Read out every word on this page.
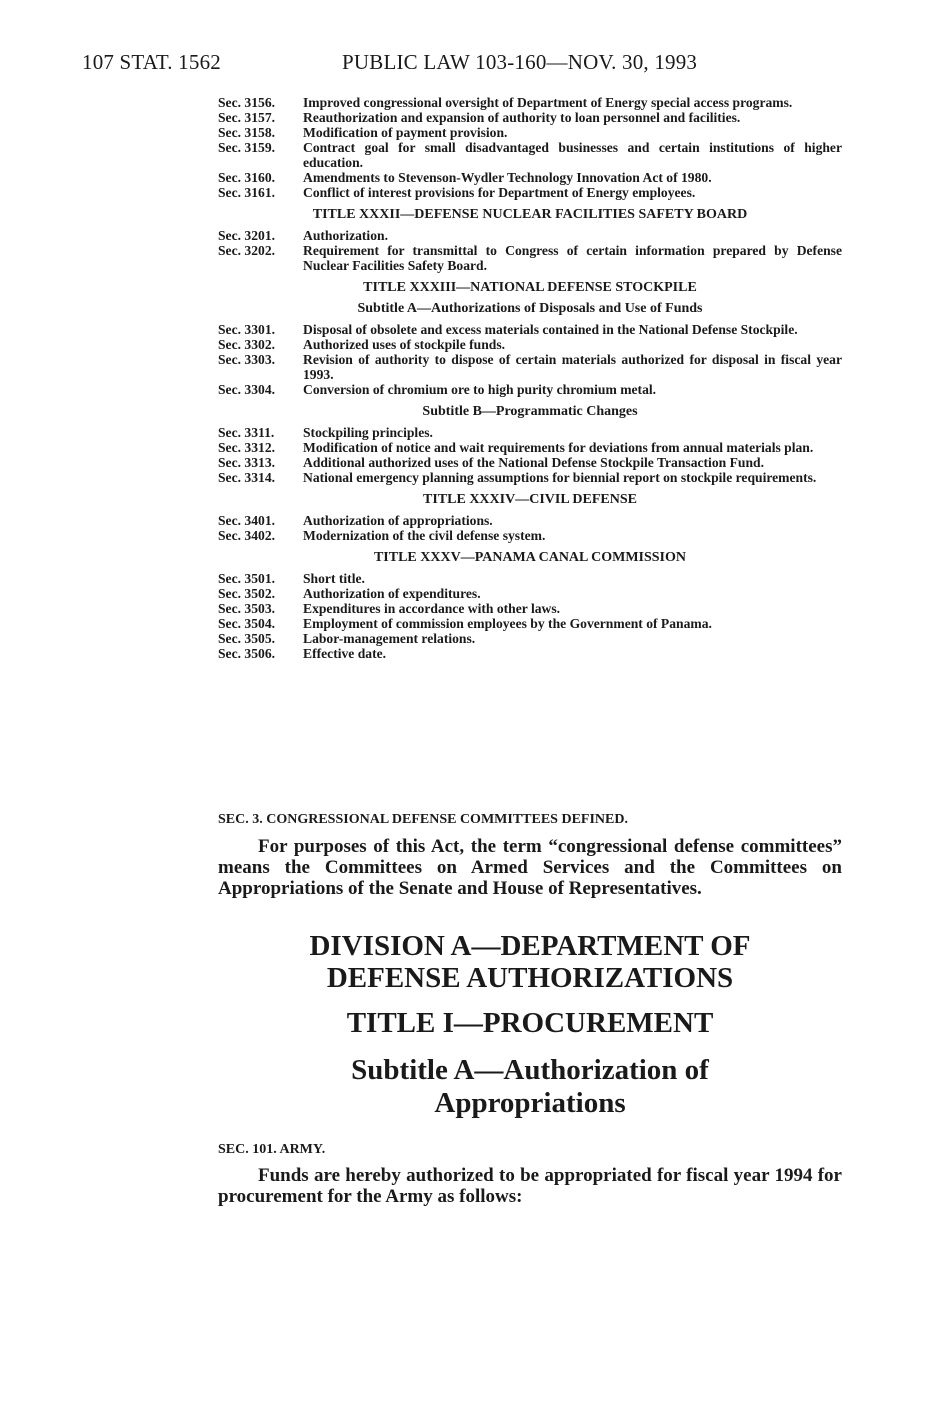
107 STAT. 1562	PUBLIC LAW 103-160—NOV. 30, 1993
Sec. 3156. Improved congressional oversight of Department of Energy special access programs.
Sec. 3157. Reauthorization and expansion of authority to loan personnel and facilities.
Sec. 3158. Modification of payment provision.
Sec. 3159. Contract goal for small disadvantaged businesses and certain institutions of higher education.
Sec. 3160. Amendments to Stevenson-Wydler Technology Innovation Act of 1980.
Sec. 3161. Conflict of interest provisions for Department of Energy employees.
TITLE XXXII—DEFENSE NUCLEAR FACILITIES SAFETY BOARD
Sec. 3201. Authorization.
Sec. 3202. Requirement for transmittal to Congress of certain information prepared by Defense Nuclear Facilities Safety Board.
TITLE XXXIII—NATIONAL DEFENSE STOCKPILE
Subtitle A—Authorizations of Disposals and Use of Funds
Sec. 3301. Disposal of obsolete and excess materials contained in the National Defense Stockpile.
Sec. 3302. Authorized uses of stockpile funds.
Sec. 3303. Revision of authority to dispose of certain materials authorized for disposal in fiscal year 1993.
Sec. 3304. Conversion of chromium ore to high purity chromium metal.
Subtitle B—Programmatic Changes
Sec. 3311. Stockpiling principles.
Sec. 3312. Modification of notice and wait requirements for deviations from annual materials plan.
Sec. 3313. Additional authorized uses of the National Defense Stockpile Transaction Fund.
Sec. 3314. National emergency planning assumptions for biennial report on stockpile requirements.
TITLE XXXIV—CIVIL DEFENSE
Sec. 3401. Authorization of appropriations.
Sec. 3402. Modernization of the civil defense system.
TITLE XXXV—PANAMA CANAL COMMISSION
Sec. 3501. Short title.
Sec. 3502. Authorization of expenditures.
Sec. 3503. Expenditures in accordance with other laws.
Sec. 3504. Employment of commission employees by the Government of Panama.
Sec. 3505. Labor-management relations.
Sec. 3506. Effective date.
SEC. 3. CONGRESSIONAL DEFENSE COMMITTEES DEFINED.
For purposes of this Act, the term “congressional defense committees” means the Committees on Armed Services and the Committees on Appropriations of the Senate and House of Representatives.
DIVISION A—DEPARTMENT OF
DEFENSE AUTHORIZATIONS
TITLE I—PROCUREMENT
Subtitle A—Authorization of
Appropriations
SEC. 101. ARMY.
Funds are hereby authorized to be appropriated for fiscal year 1994 for procurement for the Army as follows:
